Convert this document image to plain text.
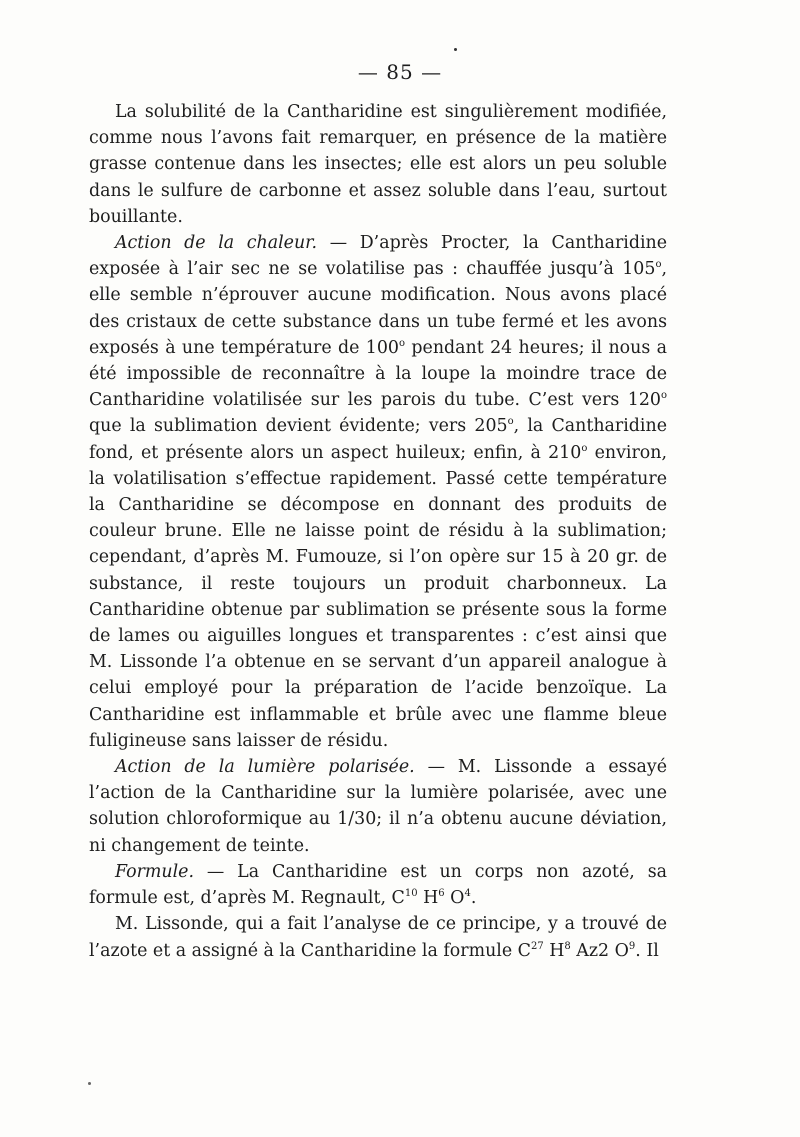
— 85 —

La solubilité de la Cantharidine est singulièrement modifiée, comme nous l’avons fait remarquer, en présence de la matière grasse contenue dans les insectes; elle est alors un peu soluble dans le sulfure de carbonne et assez soluble dans l’eau, surtout bouillante.

Action de la chaleur. — D’après Procter, la Cantharidine exposée à l’air sec ne se volatilise pas : chauffée jusqu’à 105$^o$, elle semble n’éprouver aucune modification. Nous avons placé des cristaux de cette substance dans un tube fermé et les avons exposés à une température de 100$^o$ pendant 24 heures; il nous a été impossible de reconnaître à la loupe la moindre trace de Cantharidine volatilisée sur les parois du tube. C’est vers 120$^o$ que la sublimation devient évidente; vers 205$^o$, la Cantharidine fond, et présente alors un aspect huileux; enfin, à 210$^o$ environ, la volatilisation s’effectue rapidement. Passé cette température la Cantharidine se décompose en donnant des produits de couleur brune. Elle ne laisse point de résidu à la sublimation; cependant, d’après M. Fumouze, si l’on opère sur 15 à 20 gr. de substance, il reste toujours un produit charbonneux. La Cantharidine obtenue par sublimation se présente sous la forme de lames ou aiguilles longues et transparentes : c’est ainsi que M. Lissonde l’a obtenue en se servant d’un appareil analogue à celui employé pour la préparation de l’acide benzoïque. La Cantharidine est inflammable et brûle avec une flamme bleue fuligineuse sans laisser de résidu.

Action de la lumière polarisée. — M. Lissonde a essayé l’action de la Cantharidine sur la lumière polarisée, avec une solution chloroformique au 1/30; il n’a obtenu aucune déviation, ni changement de teinte.

Formule. — La Cantharidine est un corps non azoté, sa formule est, d’après M. Regnault, $C^{10}$ $H^6$ $O^4$.

M. Lissonde, qui a fait l’analyse de ce principe, y a trouvé de l’azote et a assigné à la Cantharidine la formule $C^{27}$ $H^8$ Az2 $O^9$. Il
